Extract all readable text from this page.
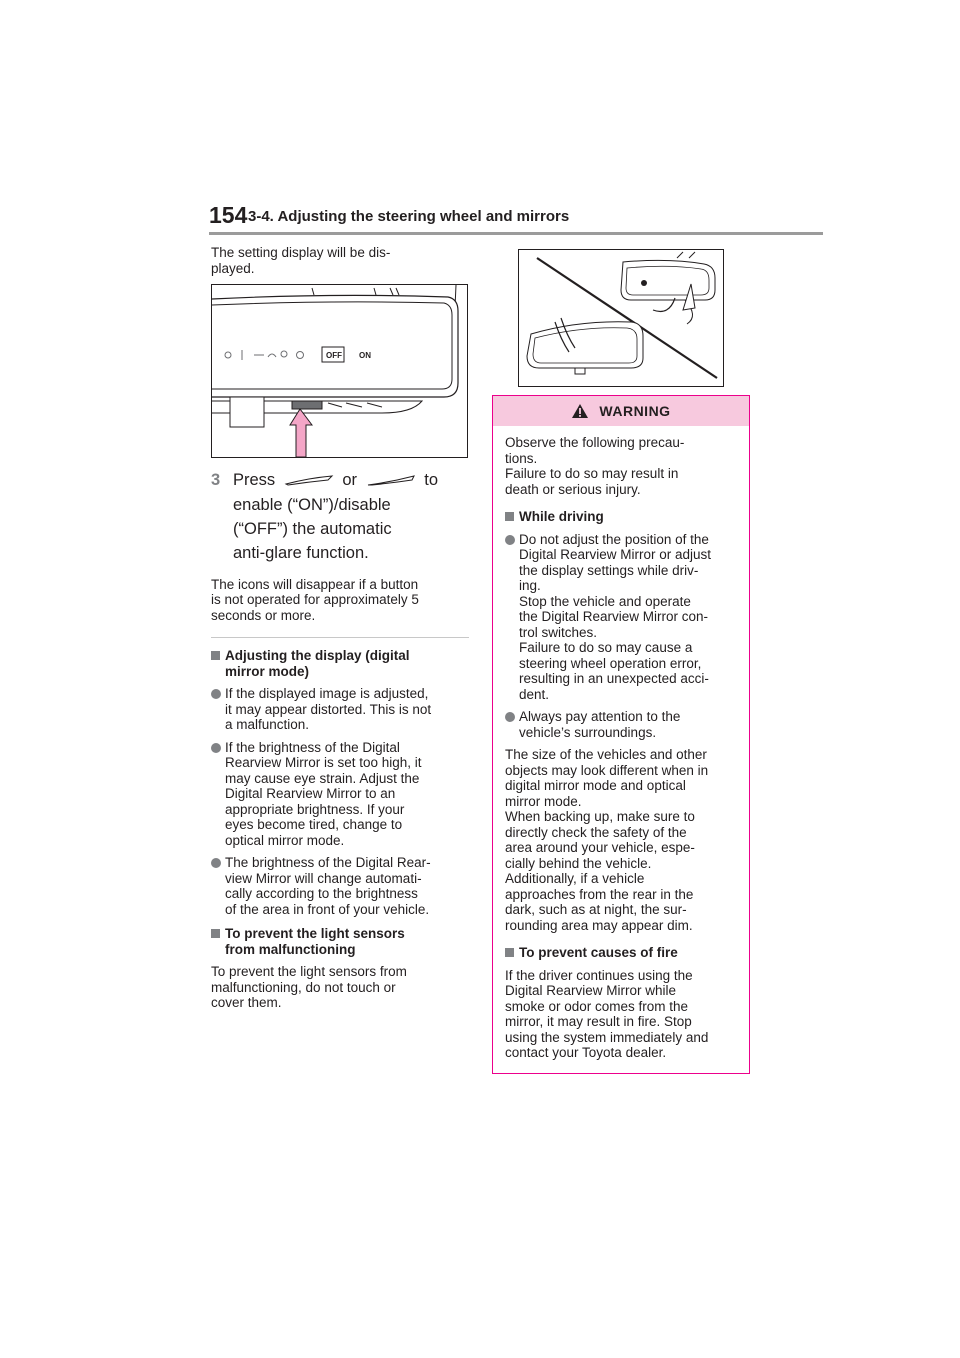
154 3-4. Adjusting the steering wheel and mirrors

The setting display will be dis-
played.

OFF ON
3 Press	or	to
enable (“ON”)/disable
(“OFF”) the automatic
anti-glare function.

The icons will disappear if a button
is not operated for approximately 5
seconds or more.

Adjusting the display (digital
mirror mode)
If the displayed image is adjusted,
it may appear distorted. This is not
a malfunction.
If the brightness of the Digital
Rearview Mirror is set too high, it
may cause eye strain. Adjust the
Digital Rearview Mirror to an
appropriate brightness. If your
eyes become tired, change to
optical mirror mode.
The brightness of the Digital Rear-
view Mirror will change automati-
cally according to the brightness
of the area in front of your vehicle.
To prevent the light sensors
from malfunctioning

To prevent the light sensors from
malfunctioning, do not touch or
cover them.

WARNING

Observe the following precau-
tions.
Failure to do so may result in
death or serious injury.

While driving
Do not adjust the position of the
Digital Rearview Mirror or adjust
the display settings while driv-
ing.
Stop the vehicle and operate
the Digital Rearview Mirror con-
trol switches.
Failure to do so may cause a
steering wheel operation error,
resulting in an unexpected acci-
dent.
Always pay attention to the
vehicle’s surroundings.

The size of the vehicles and other
objects may look different when in
digital mirror mode and optical
mirror mode.
When backing up, make sure to
directly check the safety of the
area around your vehicle, espe-
cially behind the vehicle.
Additionally, if a vehicle
approaches from the rear in the
dark, such as at night, the sur-
rounding area may appear dim.

To prevent causes of fire

If the driver continues using the
Digital Rearview Mirror while
smoke or odor comes from the
mirror, it may result in fire. Stop
using the system immediately and
contact your Toyota dealer.
